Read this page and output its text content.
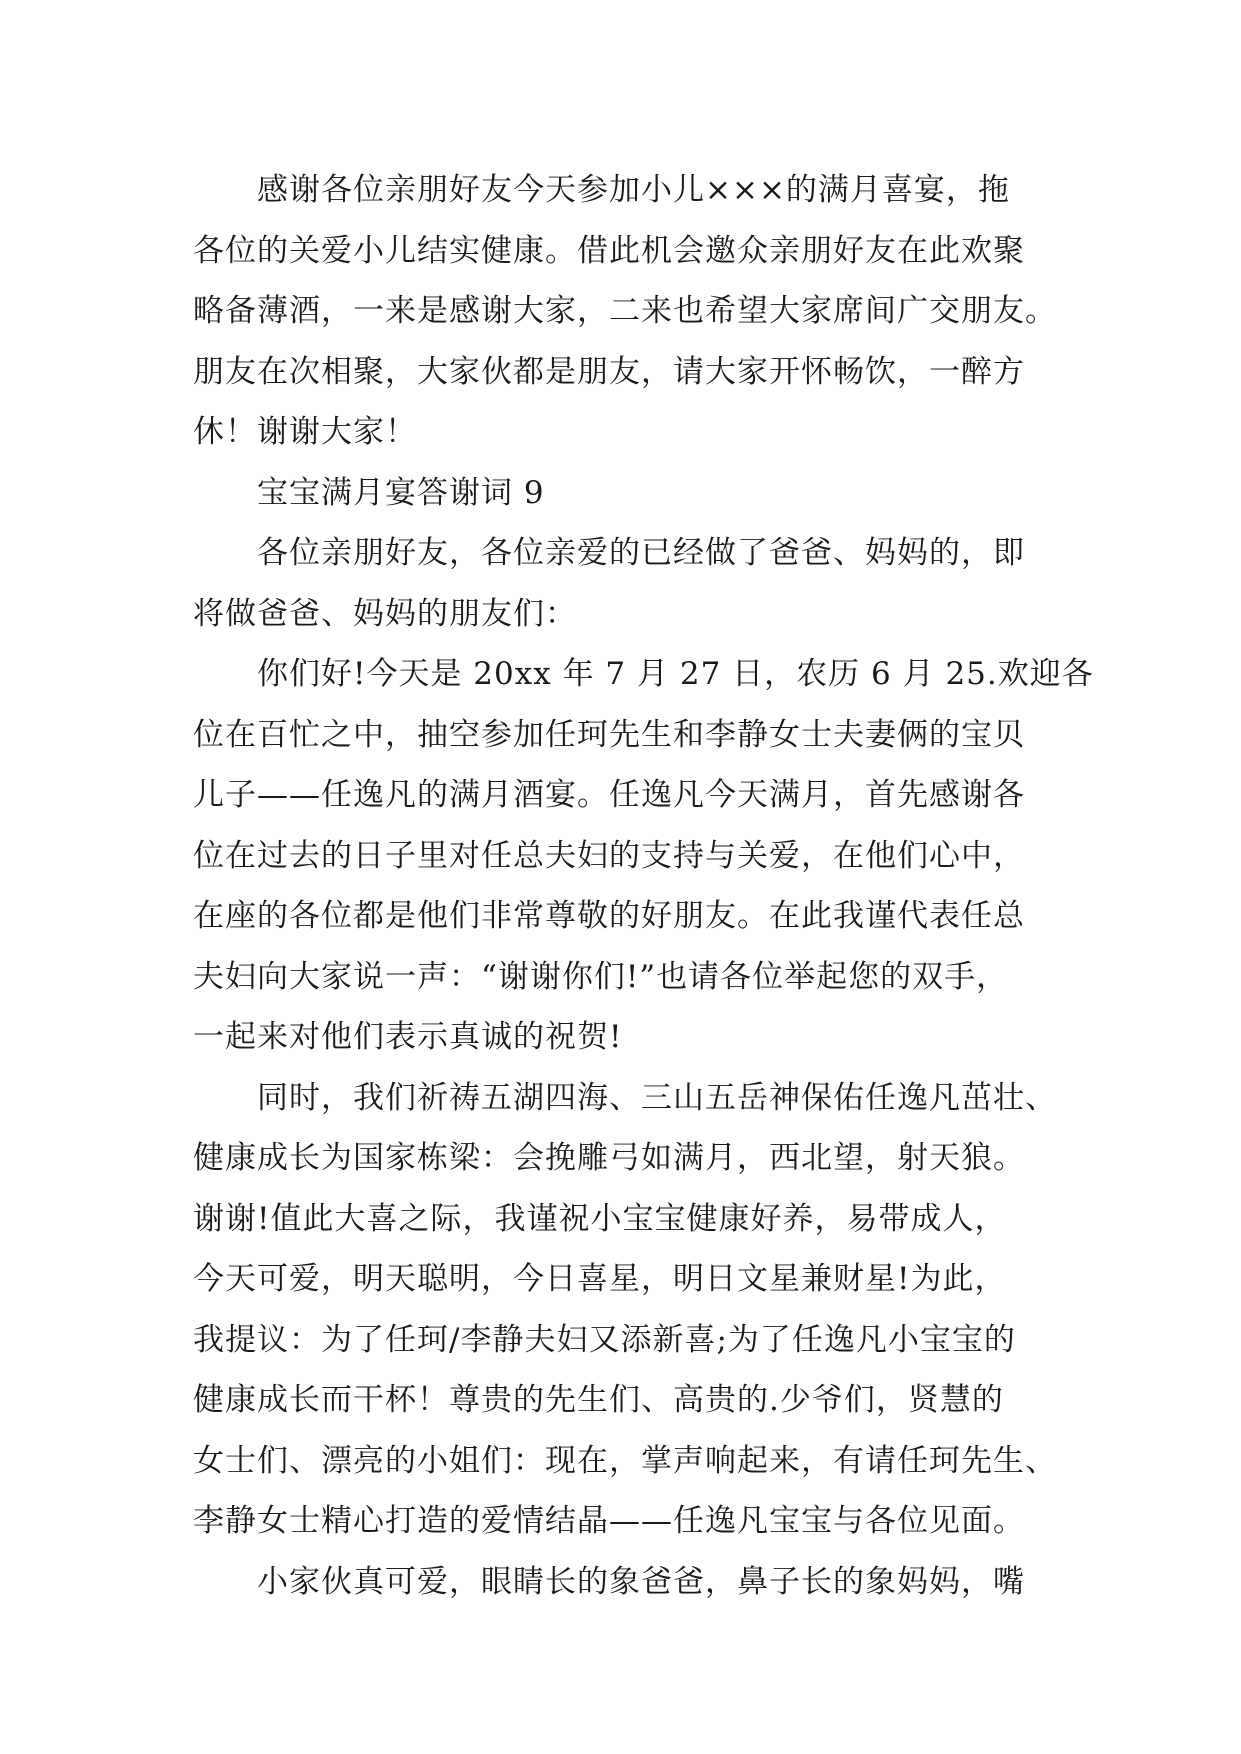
感谢各位亲朋好友今天参加小儿×××的满月喜宴，拖
各位的关爱小儿结实健康。借此机会邀众亲朋好友在此欢聚
略备薄酒，一来是感谢大家，二来也希望大家席间广交朋友。
朋友在次相聚，大家伙都是朋友，请大家开怀畅饮，一醉方
休！谢谢大家！
宝宝满月宴答谢词 9
各位亲朋好友，各位亲爱的已经做了爸爸、妈妈的，即
将做爸爸、妈妈的朋友们：
你们好!今天是 20xx 年 7 月 27 日，农历 6 月 25.欢迎各
位在百忙之中，抽空参加任珂先生和李静女士夫妻俩的宝贝
儿子——任逸凡的满月酒宴。任逸凡今天满月，首先感谢各
位在过去的日子里对任总夫妇的支持与关爱，在他们心中，
在座的各位都是他们非常尊敬的好朋友。在此我谨代表任总
夫妇向大家说一声：“谢谢你们!”也请各位举起您的双手，
一起来对他们表示真诚的祝贺!
同时，我们祈祷五湖四海、三山五岳神保佑任逸凡茁壮、
健康成长为国家栋梁：会挽雕弓如满月，西北望，射天狼。
谢谢!值此大喜之际，我谨祝小宝宝健康好养，易带成人，
今天可爱，明天聪明，今日喜星，明日文星兼财星!为此，
我提议：为了任珂/李静夫妇又添新喜;为了任逸凡小宝宝的
健康成长而干杯！尊贵的先生们、高贵的.少爷们，贤慧的
女士们、漂亮的小姐们：现在，掌声响起来，有请任珂先生、
李静女士精心打造的爱情结晶——任逸凡宝宝与各位见面。
小家伙真可爱，眼睛长的象爸爸，鼻子长的象妈妈，嘴
